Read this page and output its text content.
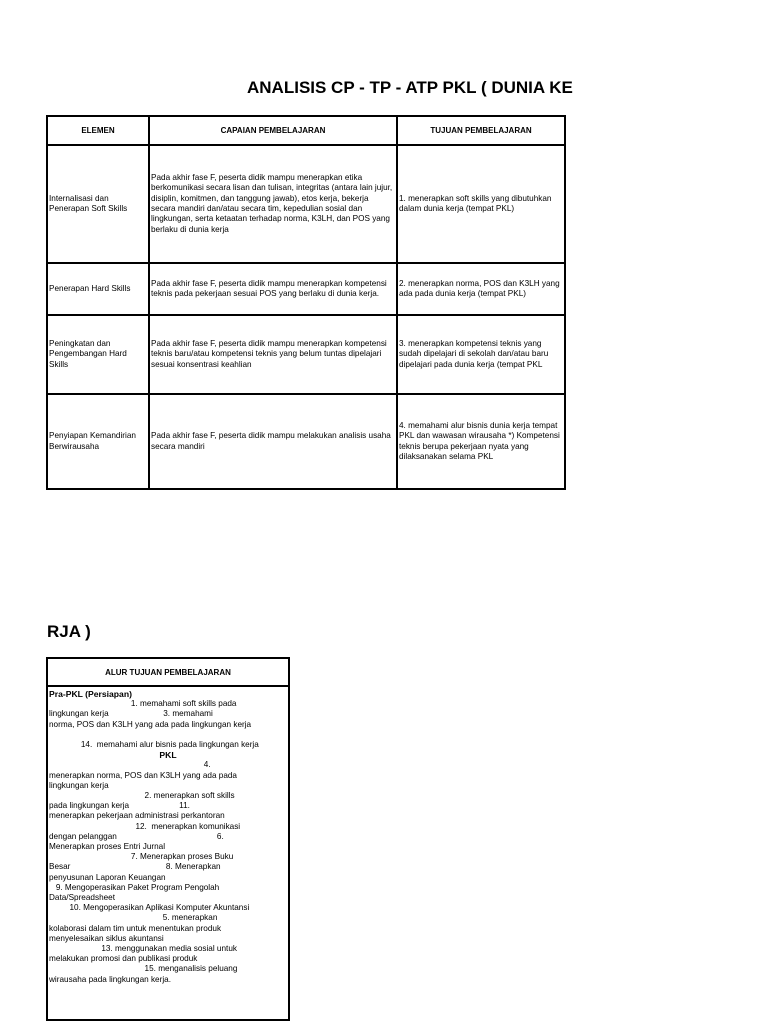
ANALISIS CP - TP - ATP PKL ( DUNIA KE
ELEMEN	CAPAIAN PEMBELAJARAN	TUJUAN PEMBELAJARAN
Internalisasi dan Penerapan Soft Skills	Pada akhir fase F, peserta didik mampu menerapkan etika berkomunikasi secara lisan dan tulisan, integritas (antara lain jujur, disiplin, komitmen, dan tanggung jawab), etos kerja, bekerja secara mandiri dan/atau secara tim, kepedulian sosial dan lingkungan, serta ketaatan terhadap norma, K3LH, dan POS yang berlaku di dunia kerja	1. menerapkan soft skills yang dibutuhkan dalam dunia kerja (tempat PKL)
Penerapan Hard Skills	Pada akhir fase F, peserta didik mampu menerapkan kompetensi teknis pada pekerjaan sesuai POS yang berlaku di dunia kerja.	2. menerapkan norma, POS dan K3LH yang ada pada dunia kerja (tempat PKL)
Peningkatan dan Pengembangan Hard Skills	Pada akhir fase F, peserta didik mampu menerapkan kompetensi teknis baru/atau kompetensi teknis yang belum tuntas dipelajari sesuai konsentrasi keahlian	3. menerapkan kompetensi teknis yang sudah dipelajari di sekolah dan/atau baru dipelajari pada dunia kerja (tempat PKL
Penyiapan Kemandirian Berwirausaha	Pada akhir fase F, peserta didik mampu melakukan analisis usaha secara mandiri	4. memahami alur bisnis dunia kerja tempat PKL dan wawasan wirausaha *) Kompetensi teknis berupa pekerjaan nyata yang dilaksanakan selama PKL
RJA )
ALUR TUJUAN PEMBELAJARAN

Pra-PKL (Persiapan)
1. memahami soft skills pada
lingkungan kerja                        3. memahami
norma, POS dan K3LH yang ada pada lingkungan kerja

14.  memahami alur bisnis pada lingkungan kerja
PKL
4.
menerapkan norma, POS dan K3LH yang ada pada
lingkungan kerja
2. menerapkan soft skills
pada lingkungan kerja                      11.
menerapkan pekerjaan administrasi perkantoran
12.  menerapkan komunikasi
dengan pelanggan                                            6.
Menerapkan proses Entri Jurnal
7. Menerapkan proses Buku
Besar                                          8. Menerapkan
penyusunan Laporan Keuangan
9. Mengoperasikan Paket Program Pengolah
Data/Spreadsheet
10. Mengoperasikan Aplikasi Komputer Akuntansi
5. menerapkan
kolaborasi dalam tim untuk menentukan produk
menyelesaikan siklus akuntansi
13. menggunakan media sosial untuk
melakukan promosi dan publikasi produk
15. menganalisis peluang
wirausaha pada lingkungan kerja.
